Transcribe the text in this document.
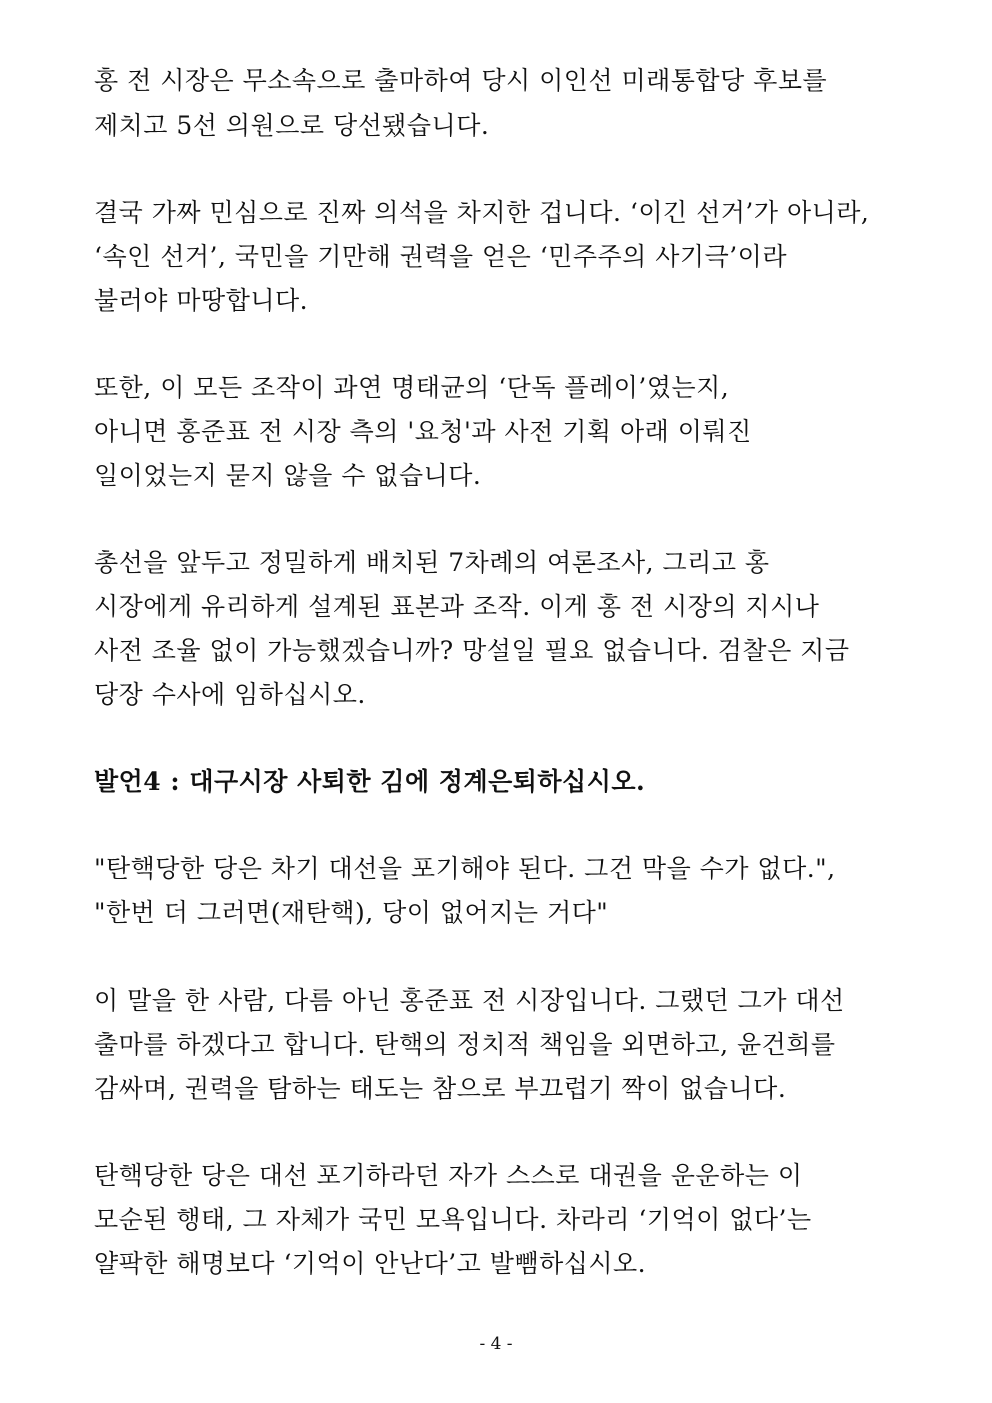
홍 전 시장은 무소속으로 출마하여 당시 이인선 미래통합당 후보를
제치고 5선 의원으로 당선됐습니다.
결국 가짜 민심으로 진짜 의석을 차지한 겁니다. ‘이긴 선거’가 아니라,
‘속인 선거’, 국민을 기만해 권력을 얻은 ‘민주주의 사기극’이라
불러야 마땅합니다.
또한, 이 모든 조작이 과연 명태균의 ‘단독 플레이’였는지,
아니면 홍준표 전 시장 측의 '요청'과 사전 기획 아래 이뤄진
일이었는지 묻지 않을 수 없습니다.
총선을 앞두고 정밀하게 배치된 7차례의 여론조사, 그리고 홍
시장에게 유리하게 설계된 표본과 조작. 이게 홍 전 시장의 지시나
사전 조율 없이 가능했겠습니까? 망설일 필요 없습니다. 검찰은 지금
당장 수사에 임하십시오.
발언4 : 대구시장 사퇴한 김에 정계은퇴하십시오.
"탄핵당한 당은 차기 대선을 포기해야 된다. 그건 막을 수가 없다.",
"한번 더 그러면(재탄핵), 당이 없어지는 거다"
이 말을 한 사람, 다름 아닌 홍준표 전 시장입니다. 그랬던 그가 대선
출마를 하겠다고 합니다. 탄핵의 정치적 책임을 외면하고, 윤건희를
감싸며, 권력을 탐하는 태도는 참으로 부끄럽기 짝이 없습니다.
탄핵당한 당은 대선 포기하라던 자가 스스로 대권을 운운하는 이
모순된 행태, 그 자체가 국민 모욕입니다. 차라리 ‘기억이 없다’는
얄팍한 해명보다 ‘기억이 안난다’고 발뺌하십시오.
- 4 -
